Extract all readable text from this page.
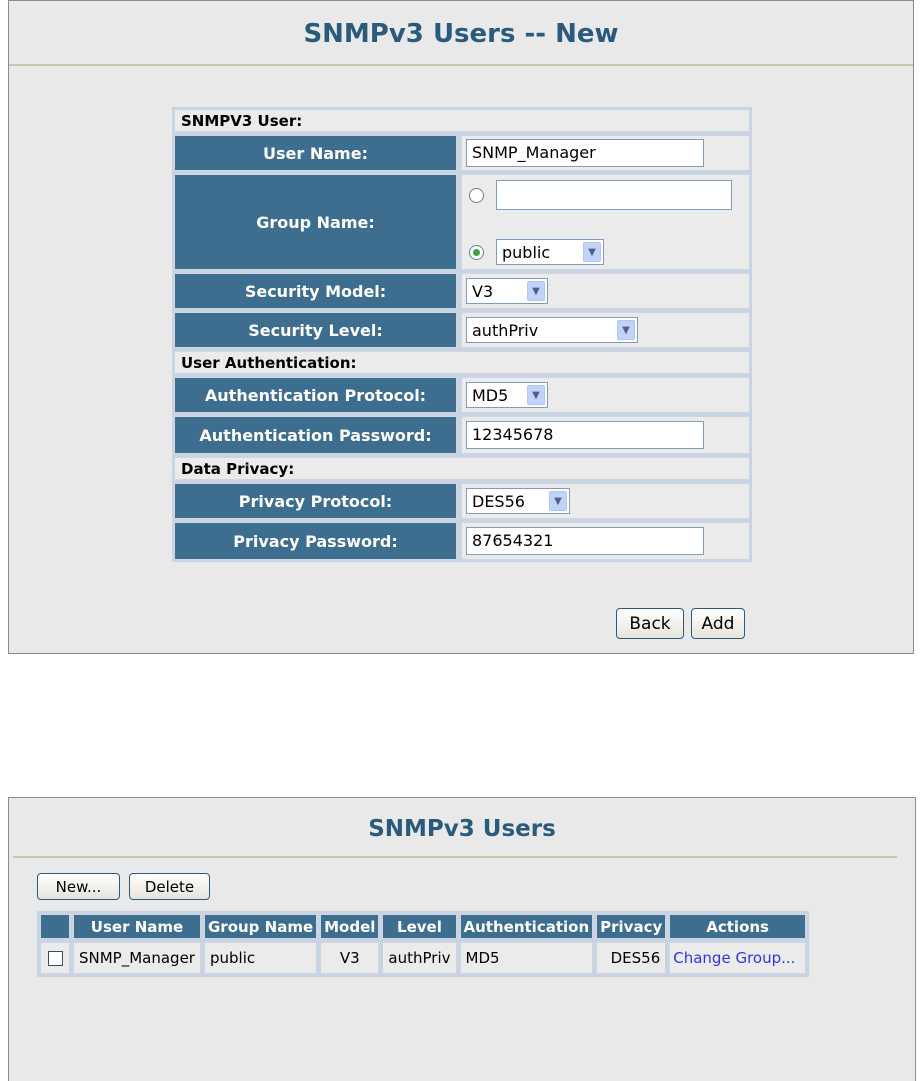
SNMPv3 Users -- New
SNMPV3 User:
User Name:	SNMP_Manager
Group Name:
public	▼
Security Model:	V3	▼
Security Level:	authPriv	▼
User Authentication:
Authentication Protocol:	MD5	▼
Authentication Password:	12345678
Data Privacy:
Privacy Protocol:	DES56	▼
Privacy Password:	87654321
Back	Add
SNMPv3 Users
New...	Delete
	User Name	Group Name	Model	Level	Authentication	Privacy	Actions
	SNMP_Manager	public	V3	authPriv	MD5	DES56	Change Group...
